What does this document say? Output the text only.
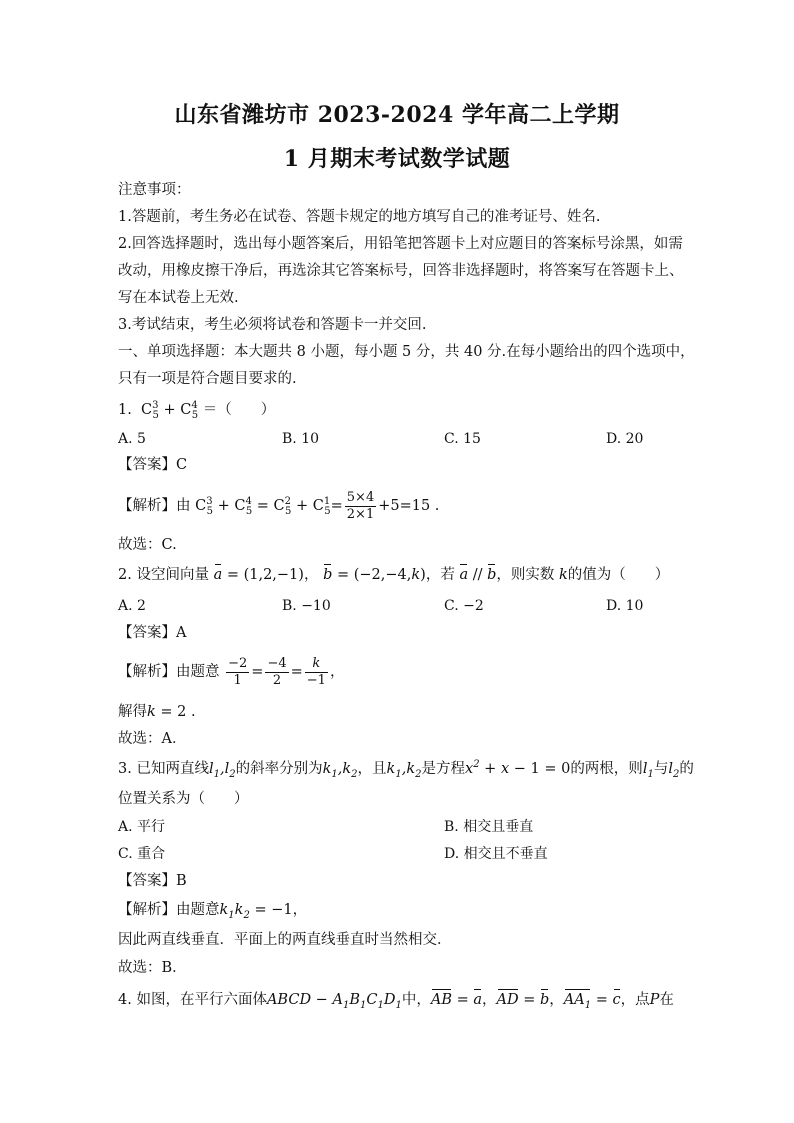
山东省潍坊市 2023-2024 学年高二上学期
1 月期末考试数学试题
注意事项：
1.答题前，考生务必在试卷、答题卡规定的地方填写自己的准考证号、姓名.
2.回答选择题时，选出每小题答案后，用铅笔把答题卡上对应题目的答案标号涂黑，如需
改动，用橡皮擦干净后，再选涂其它答案标号，回答非选择题时，将答案写在答题卡上、
写在本试卷上无效.
3.考试结束，考生必须将试卷和答题卡一并交回.
一、单项选择题：本大题共 8 小题，每小题 5 分，共 40 分.在每小题给出的四个选项中，
只有一项是符合题目要求的.
1.  $C^3_5 + C^4_5$ ＝（　　）
A. 5	B. 10	C. 15	D. 20
【答案】C
【解析】由 $C^3_5 + C^4_5 = C^2_5 + C^1_5= \frac{5\times 4}{2\times 1} +5=15$ .
故选：C.
2. 设空间向量 a = (1,2,−1)， b = (−2,−4,k)，若 a // b，则实数 k的值为（　　）
A. 2	B. −10	C. −2	D. 10
【答案】A
【解析】由题意 $\frac{-2}{1} = \frac{-4}{2} = \frac{k}{-1}$ ，
解得k = 2 .
故选：A．
3. 已知两直线$l_1,l_2$的斜率分别为$k_1,k_2$，且$k_1,k_2$是方程$x^2 + x - 1 = 0$的两根，则$l_1$与$l_2$的
位置关系为（　　）
A. 平行	B. 相交且垂直
C. 重合	D. 相交且不垂直
【答案】B
【解析】由题意$k_1k_2 = -1$，
因此两直线垂直．平面上的两直线垂直时当然相交．
故选：B．
4. 如图，在平行六面体ABCD − $A_1B_1C_1D_1$中，AB = a，AD = b，$AA_1 = c$，点P在
